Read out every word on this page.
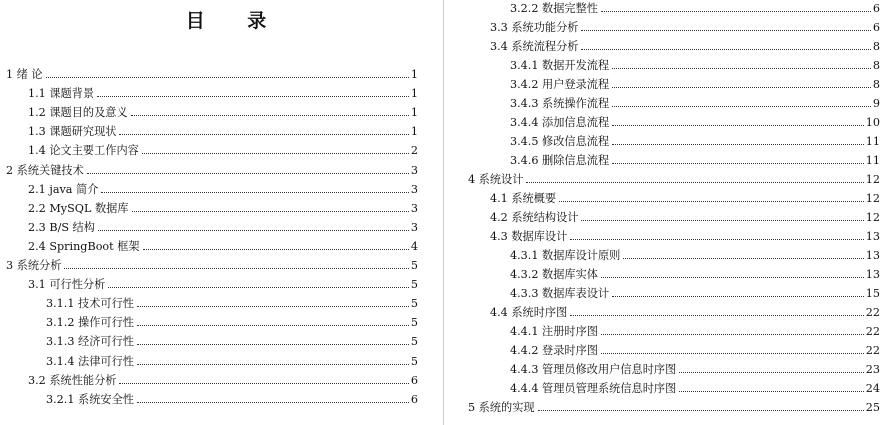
目 录
1 绪 论	1
1.1 课题背景	1
1.2 课题目的及意义	1
1.3 课题研究现状	1
1.4 论文主要工作内容	2
2 系统关键技术	3
2.1 java 简介	3
2.2 MySQL 数据库	3
2.3 B/S 结构	3
2.4 SpringBoot 框架	4
3 系统分析	5
3.1 可行性分析	5
3.1.1 技术可行性	5
3.1.2 操作可行性	5
3.1.3 经济可行性	5
3.1.4 法律可行性	5
3.2 系统性能分析	6
3.2.1 系统安全性	6
3.2.2 数据完整性	6
3.3 系统功能分析	6
3.4 系统流程分析	8
3.4.1 数据开发流程	8
3.4.2 用户登录流程	8
3.4.3 系统操作流程	9
3.4.4 添加信息流程	10
3.4.5 修改信息流程	11
3.4.6 删除信息流程	11
4 系统设计	12
4.1 系统概要	12
4.2 系统结构设计	12
4.3 数据库设计	13
4.3.1 数据库设计原则	13
4.3.2 数据库实体	13
4.3.3 数据库表设计	15
4.4 系统时序图	22
4.4.1 注册时序图	22
4.4.2 登录时序图	22
4.4.3 管理员修改用户信息时序图	23
4.4.4 管理员管理系统信息时序图	24
5 系统的实现	25
